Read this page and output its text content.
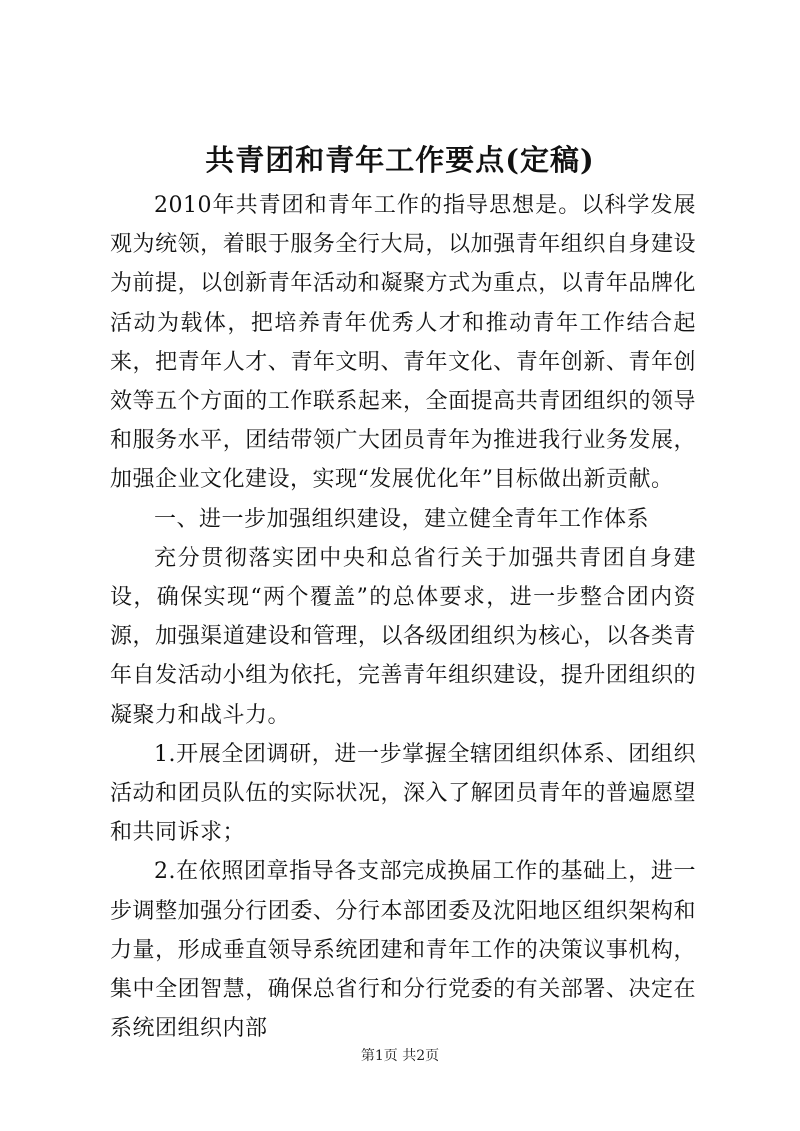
共青团和青年工作要点(定稿)

2010年共青团和青年工作的指导思想是。以科学发展观为统领，着眼于服务全行大局，以加强青年组织自身建设为前提，以创新青年活动和凝聚方式为重点，以青年品牌化活动为载体，把培养青年优秀人才和推动青年工作结合起来，把青年人才、青年文明、青年文化、青年创新、青年创效等五个方面的工作联系起来，全面提高共青团组织的领导和服务水平，团结带领广大团员青年为推进我行业务发展，加强企业文化建设，实现“发展优化年”目标做出新贡献。

一、进一步加强组织建设，建立健全青年工作体系

充分贯彻落实团中央和总省行关于加强共青团自身建设，确保实现“两个覆盖”的总体要求，进一步整合团内资源，加强渠道建设和管理，以各级团组织为核心，以各类青年自发活动小组为依托，完善青年组织建设，提升团组织的凝聚力和战斗力。

1.开展全团调研，进一步掌握全辖团组织体系、团组织活动和团员队伍的实际状况，深入了解团员青年的普遍愿望和共同诉求；

2.在依照团章指导各支部完成换届工作的基础上，进一步调整加强分行团委、分行本部团委及沈阳地区组织架构和力量，形成垂直领导系统团建和青年工作的决策议事机构，集中全团智慧，确保总省行和分行党委的有关部署、决定在系统团组织内部

第1页 共2页
